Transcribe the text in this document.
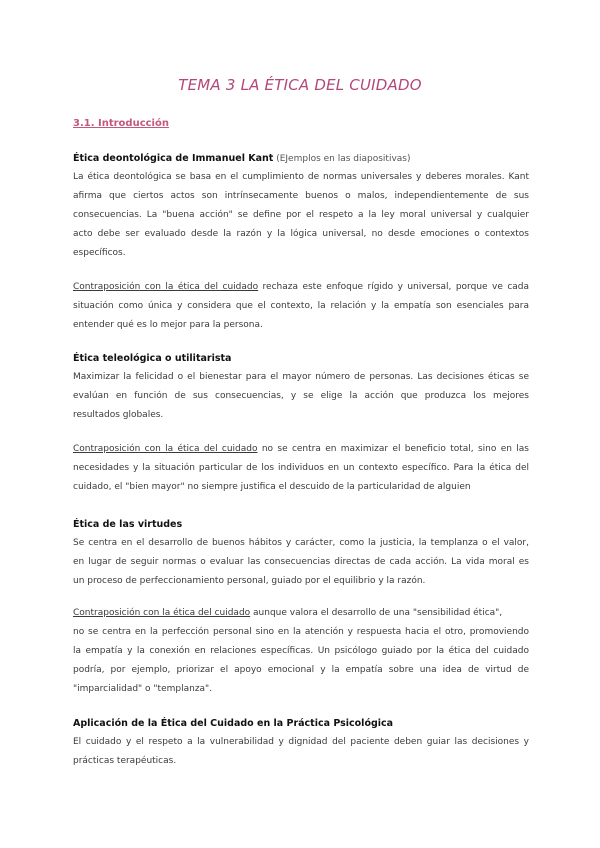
TEMA 3 LA ÉTICA DEL CUIDADO
3.1. Introducción
Ética deontológica de Immanuel Kant (EJemplos en las diapositivas)
La ética deontológica se basa en el cumplimiento de normas universales y deberes morales. Kant
afirma que ciertos actos son intrínsecamente buenos o malos, independientemente de sus
consecuencias. La "buena acción" se define por el respeto a la ley moral universal y cualquier
acto debe ser evaluado desde la razón y la lógica universal, no desde emociones o contextos
específicos.
Contraposición con la ética del cuidado rechaza este enfoque rígido y universal, porque ve cada
situación como única y considera que el contexto, la relación y la empatía son esenciales para
entender qué es lo mejor para la persona.
Ética teleológica o utilitarista
Maximizar la felicidad o el bienestar para el mayor número de personas. Las decisiones éticas se
evalúan en función de sus consecuencias, y se elige la acción que produzca los mejores
resultados globales.
Contraposición con la ética del cuidado no se centra en maximizar el beneficio total, sino en las
necesidades y la situación particular de los individuos en un contexto específico. Para la ética del
cuidado, el "bien mayor" no siempre justifica el descuido de la particularidad de alguien
Ética de las virtudes
Se centra en el desarrollo de buenos hábitos y carácter, como la justicia, la templanza o el valor,
en lugar de seguir normas o evaluar las consecuencias directas de cada acción. La vida moral es
un proceso de perfeccionamiento personal, guiado por el equilibrio y la razón.
Contraposición con la ética del cuidado aunque valora el desarrollo de una "sensibilidad ética",
no se centra en la perfección personal sino en la atención y respuesta hacia el otro, promoviendo
la empatía y la conexión en relaciones específicas. Un psicólogo guiado por la ética del cuidado
podría, por ejemplo, priorizar el apoyo emocional y la empatía sobre una idea de virtud de
"imparcialidad" o "templanza".
Aplicación de la Ética del Cuidado en la Práctica Psicológica
El cuidado y el respeto a la vulnerabilidad y dignidad del paciente deben guiar las decisiones y
prácticas terapéuticas.
